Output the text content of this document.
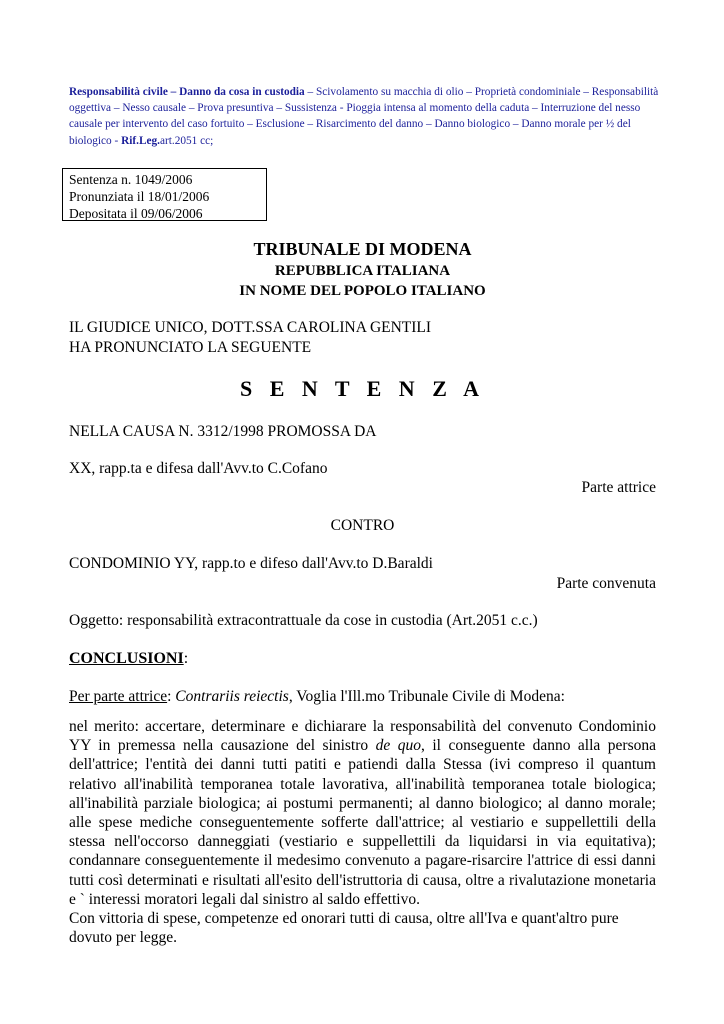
Responsabilità civile – Danno da cosa in custodia – Scivolamento su macchia di olio – Proprietà condominiale – Responsabilità oggettiva – Nesso causale – Prova presuntiva – Sussistenza - Pioggia intensa al momento della caduta – Interruzione del nesso causale per intervento del caso fortuito – Esclusione – Risarcimento del danno – Danno biologico – Danno morale per ½ del biologico - Rif.Leg.art.2051 cc;
Sentenza n. 1049/2006
Pronunziata il 18/01/2006
Depositata il 09/06/2006
TRIBUNALE DI MODENA
REPUBBLICA ITALIANA
IN NOME DEL POPOLO ITALIANO
IL GIUDICE UNICO, DOTT.SSA CAROLINA GENTILI
HA PRONUNCIATO LA SEGUENTE
S E N T E N Z A
NELLA CAUSA N. 3312/1998 PROMOSSA DA
XX, rapp.ta e difesa dall'Avv.to C.Cofano
Parte attrice
CONTRO
CONDOMINIO YY, rapp.to e difeso dall'Avv.to D.Baraldi
Parte convenuta
Oggetto: responsabilità extracontrattuale da cose in custodia (Art.2051 c.c.)
CONCLUSIONI:
Per parte attrice: Contrariis reiectis, Voglia l'Ill.mo Tribunale Civile di Modena:

nel merito: accertare, determinare e dichiarare la responsabilità del convenuto Condominio YY in premessa nella causazione del sinistro de quo, il conseguente danno alla persona dell'attrice; l'entità dei danni tutti patiti e patiendi dalla Stessa (ivi compreso il quantum relativo all'inabilità temporanea totale lavorativa, all'inabilità temporanea totale biologica; all'inabilità parziale biologica; ai postumi permanenti; al danno biologico; al danno morale; alle spese mediche conseguentemente sofferte dall'attrice; al vestiario e suppellettili della stessa nell'occorso danneggiati (vestiario e suppellettili da liquidarsi in via equitativa); condannare conseguentemente il medesimo convenuto a pagare-risarcire l'attrice di essi danni tutti così determinati e risultati all'esito dell'istruttoria di causa, oltre a rivalutazione monetaria e ` interessi moratori legali dal sinistro al saldo effettivo.

Con vittoria di spese, competenze ed onorari tutti di causa, oltre all'Iva e quant'altro pure dovuto per legge.
